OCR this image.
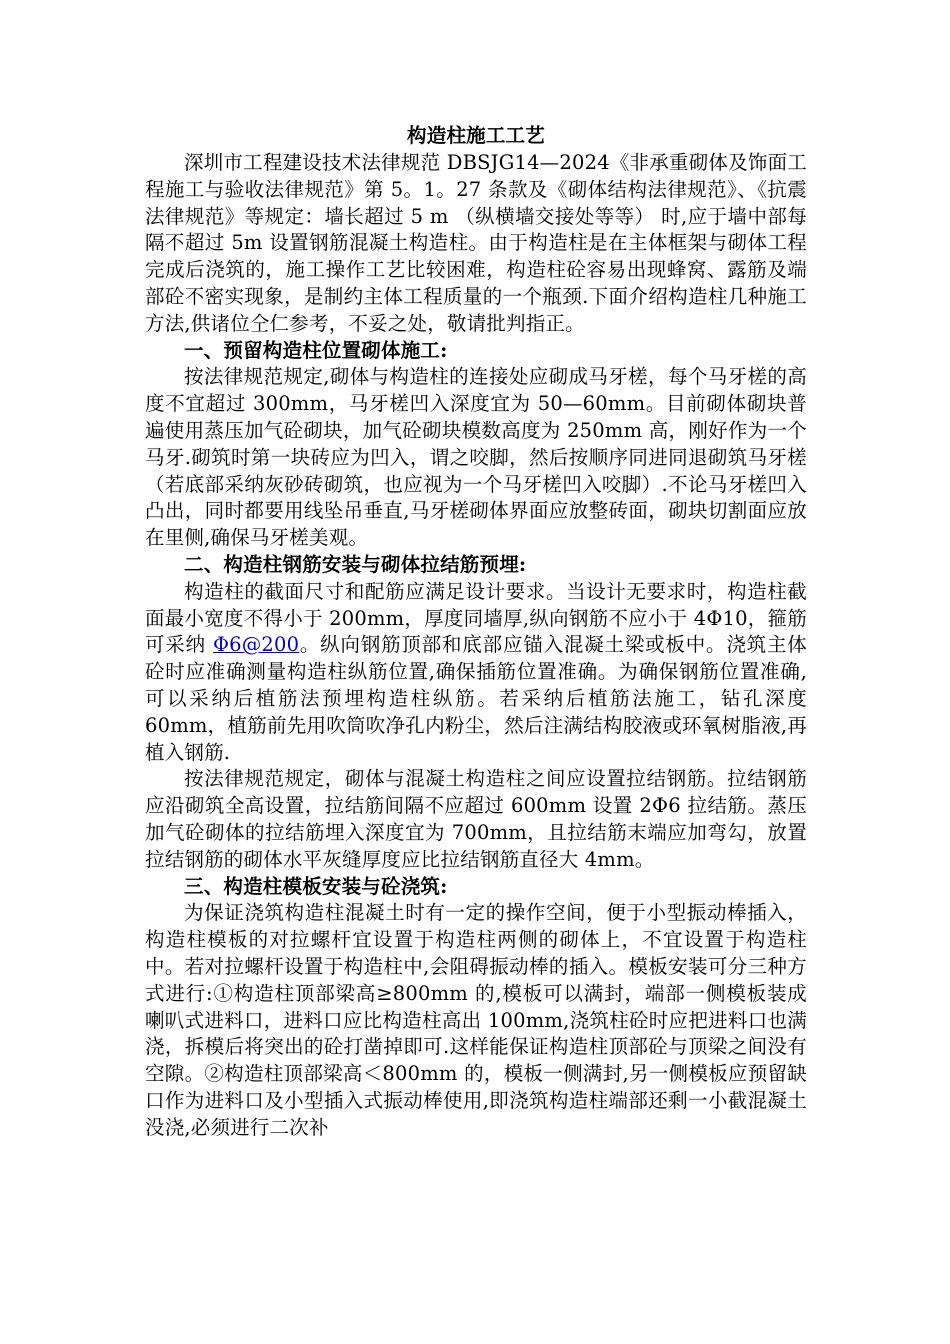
构造柱施工工艺

深圳市工程建设技术法律规范 DBSJG14—2024《非承重砌体及饰面工程施工与验收法律规范》第 5。1。27 条款及《砌体结构法律规范》、《抗震法律规范》等规定：墙长超过 5 m （纵横墙交接处等等） 时,应于墙中部每隔不超过 5m 设置钢筋混凝土构造柱。由于构造柱是在主体框架与砌体工程完成后浇筑的，施工操作工艺比较困难，构造柱砼容易出现蜂窝、露筋及端部砼不密实现象，是制约主体工程质量的一个瓶颈.下面介绍构造柱几种施工方法,供诸位仝仁参考，不妥之处，敬请批判指正。

一、预留构造柱位置砌体施工:

按法律规范规定,砌体与构造柱的连接处应砌成马牙槎，每个马牙槎的高度不宜超过 300mm，马牙槎凹入深度宜为 50—60mm。目前砌体砌块普遍使用蒸压加气砼砌块，加气砼砌块模数高度为 250mm 高，刚好作为一个马牙.砌筑时第一块砖应为凹入，谓之咬脚，然后按顺序同进同退砌筑马牙槎（若底部采纳灰砂砖砌筑，也应视为一个马牙槎凹入咬脚）.不论马牙槎凹入凸出，同时都要用线坠吊垂直,马牙槎砌体界面应放整砖面，砌块切割面应放在里侧,确保马牙槎美观。

二、构造柱钢筋安装与砌体拉结筋预埋:

构造柱的截面尺寸和配筋应满足设计要求。当设计无要求时，构造柱截面最小宽度不得小于 200mm，厚度同墙厚,纵向钢筋不应小于 4Φ10，箍筋可采纳 Φ6@200。纵向钢筋顶部和底部应锚入混凝土梁或板中。浇筑主体砼时应准确测量构造柱纵筋位置,确保插筋位置准确。为确保钢筋位置准确,可以采纳后植筋法预埋构造柱纵筋。若采纳后植筋法施工，钻孔深度 60mm，植筋前先用吹筒吹净孔内粉尘，然后注满结构胶液或环氧树脂液,再植入钢筋.

按法律规范规定，砌体与混凝土构造柱之间应设置拉结钢筋。拉结钢筋应沿砌筑全高设置，拉结筋间隔不应超过 600mm 设置 2Φ6 拉结筋。蒸压加气砼砌体的拉结筋埋入深度宜为 700mm，且拉结筋末端应加弯勾，放置拉结钢筋的砌体水平灰缝厚度应比拉结钢筋直径大 4mm。

三、构造柱模板安装与砼浇筑:

为保证浇筑构造柱混凝土时有一定的操作空间，便于小型振动棒插入，构造柱模板的对拉螺杆宜设置于构造柱两侧的砌体上，不宜设置于构造柱中。若对拉螺杆设置于构造柱中,会阻碍振动棒的插入。模板安装可分三种方式进行:①构造柱顶部梁高≥800mm 的,模板可以满封，端部一侧模板装成喇叭式进料口，进料口应比构造柱高出 100mm,浇筑柱砼时应把进料口也满浇，拆模后将突出的砼打凿掉即可.这样能保证构造柱顶部砼与顶梁之间没有空隙。②构造柱顶部梁高＜800mm 的，模板一侧满封,另一侧模板应预留缺口作为进料口及小型插入式振动棒使用,即浇筑构造柱端部还剩一小截混凝土没浇,必须进行二次补
